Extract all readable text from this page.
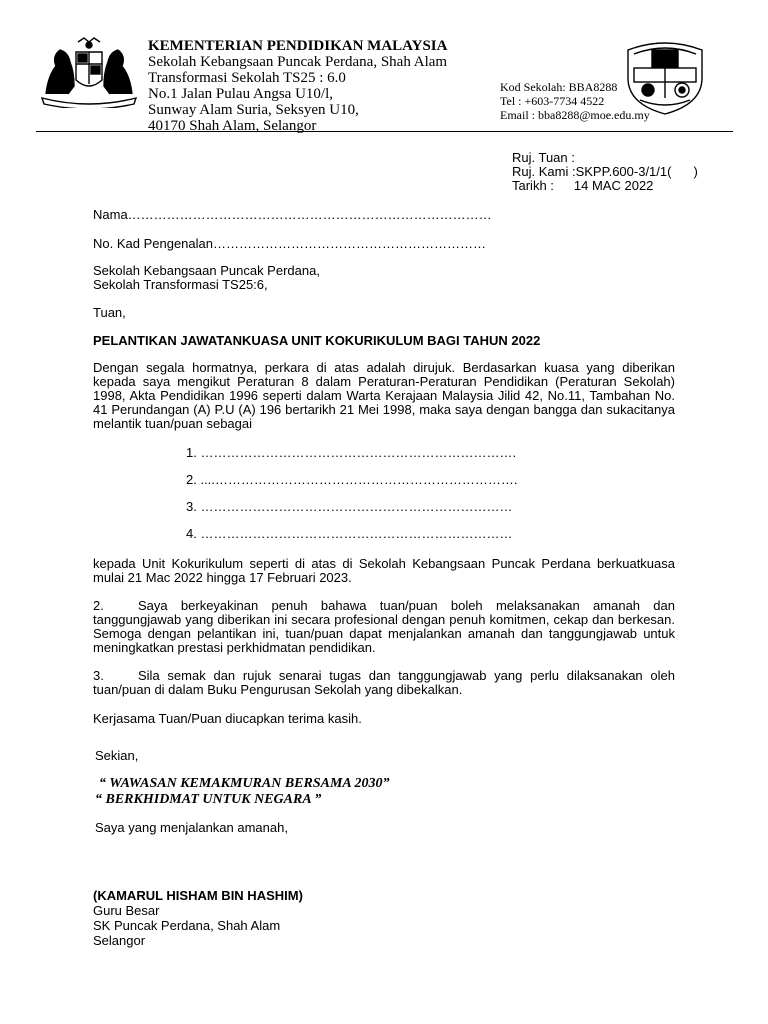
KEMENTERIAN PENDIDIKAN MALAYSIA
Sekolah Kebangsaan Puncak Perdana, Shah Alam
Transformasi Sekolah TS25 : 6.0
No.1 Jalan Pulau Angsa U10/l,
Sunway Alam Suria, Seksyen U10,
40170 Shah Alam, Selangor
Kod Sekolah: BBA8288
Tel : +603-7734 4522
Email : bba8288@moe.edu.my
Ruj. Tuan :
Ruj. Kami :SKPP.600-3/1/1( )
Tarikh : 14 MAC 2022
Nama…………………………………………………………………………
No. Kad Pengenalan………………………………………………………
Sekolah Kebangsaan Puncak Perdana,
Sekolah Transformasi TS25:6,
Tuan,
PELANTIKAN JAWATANKUASA UNIT KOKURIKULUM BAGI TAHUN 2022

Dengan segala hormatnya, perkara di atas adalah dirujuk. Berdasarkan kuasa yang diberikan kepada saya mengikut Peraturan 8 dalam Peraturan-Peraturan Pendidikan (Peraturan Sekolah) 1998, Akta Pendidikan 1996 seperti dalam Warta Kerajaan Malaysia Jilid 42, No.11, Tambahan No. 41 Perundangan (A) P.U (A) 196 bertarikh 21 Mei 1998, maka saya dengan bangga dan sukacitanya melantik tuan/puan sebagai

1. ……………………………………………………………….
2. ....…………………………………………………………….
3. ………………………………………………………………
4. ………………………………………………………………

kepada Unit Kokurikulum seperti di atas di Sekolah Kebangsaan Puncak Perdana berkuatkuasa mulai 21 Mac 2022 hingga 17 Februari 2023.

2.	Saya berkeyakinan penuh bahawa tuan/puan boleh melaksanakan amanah dan tanggungjawab yang diberikan ini secara profesional dengan penuh komitmen, cekap dan berkesan. Semoga dengan pelantikan ini, tuan/puan dapat menjalankan amanah dan tanggungjawab untuk meningkatkan prestasi perkhidmatan pendidikan.

3.	Sila semak dan rujuk senarai tugas dan tanggungjawab yang perlu dilaksanakan oleh tuan/puan di dalam Buku Pengurusan Sekolah yang dibekalkan.

Kerjasama Tuan/Puan diucapkan terima kasih.
Sekian,
“ WAWASAN KEMAKMURAN BERSAMA 2030”
“ BERKHIDMAT UNTUK NEGARA ”
Saya yang menjalankan amanah,
(KAMARUL HISHAM BIN HASHIM)
Guru Besar
SK Puncak Perdana, Shah Alam
Selangor
